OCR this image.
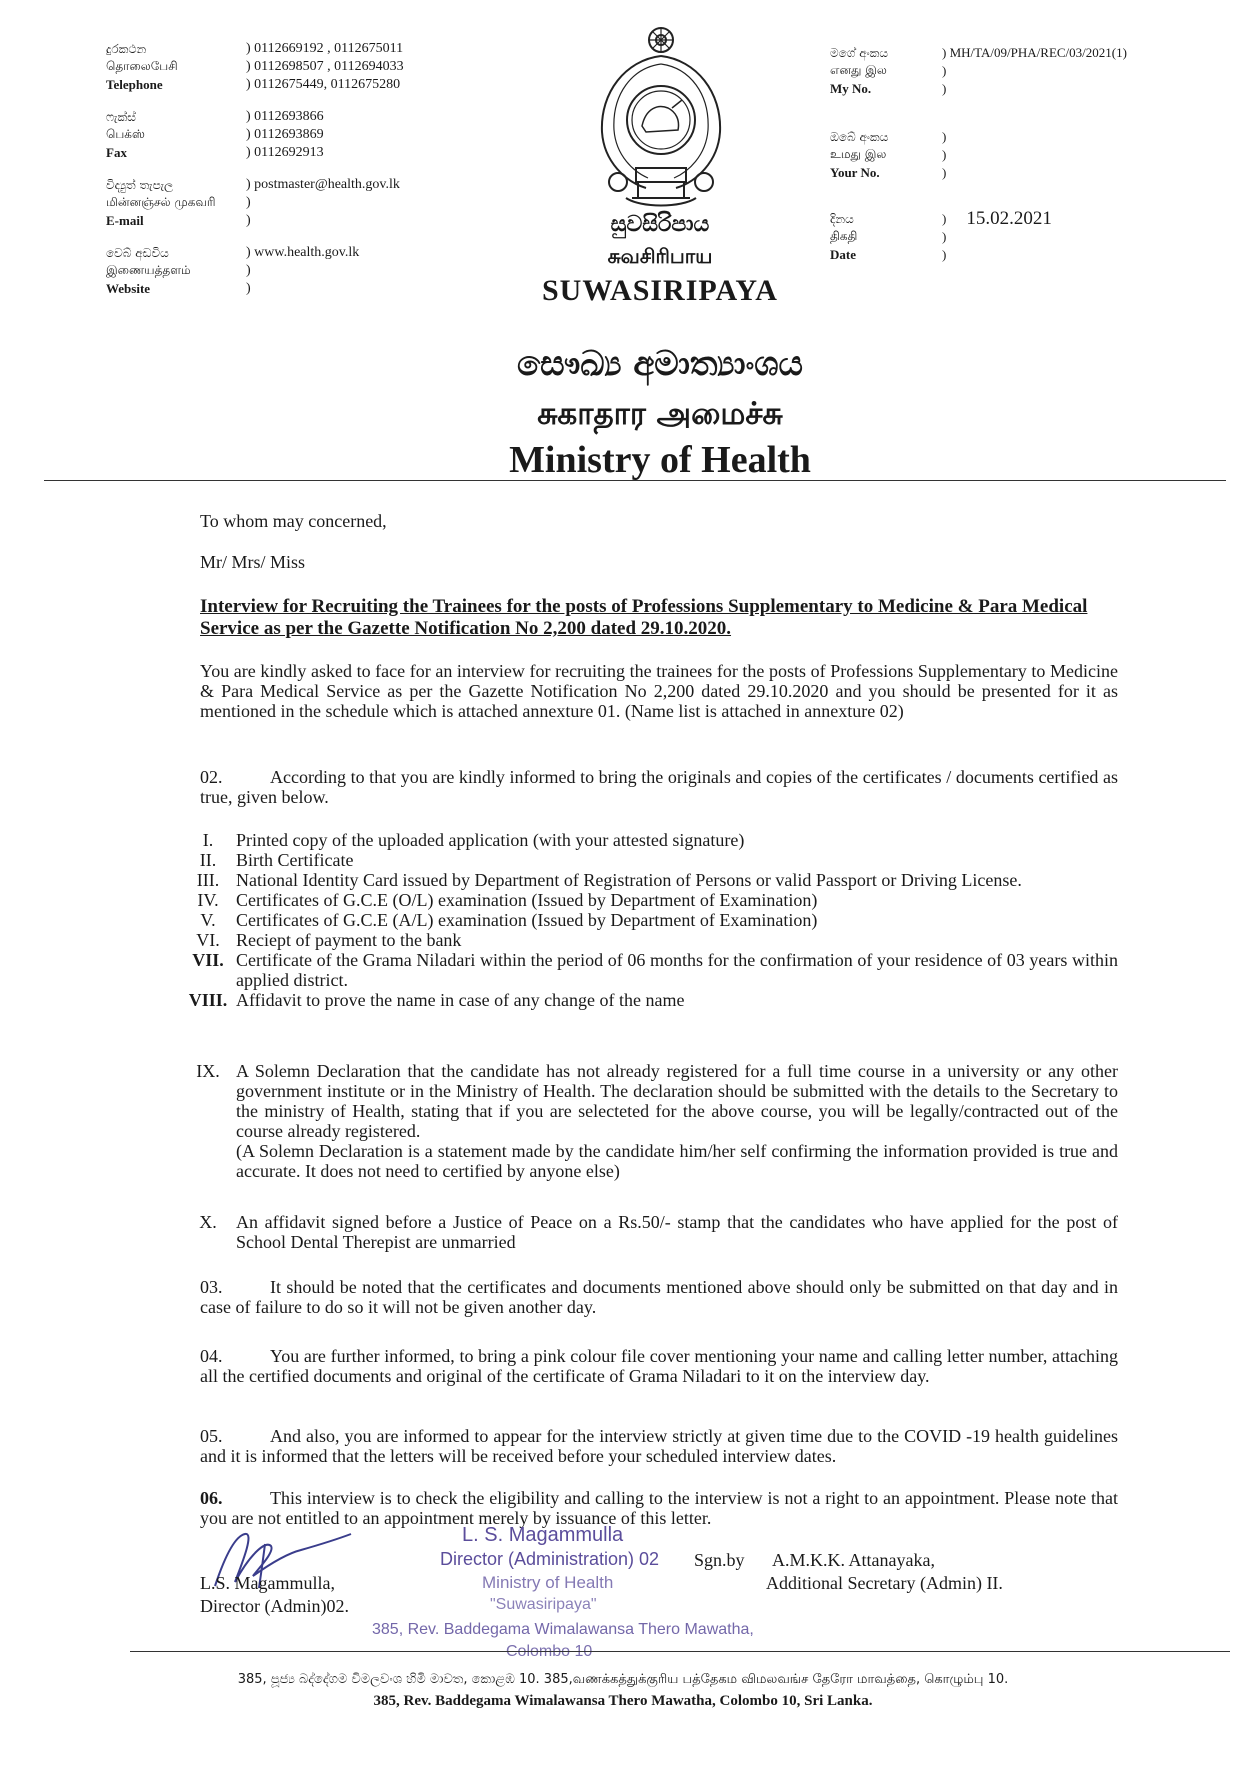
දුරකථන	) 0112669192 , 0112675011
தொலைபேசி	) 0112698507 , 0112694033
Telephone	) 0112675449, 0112675280
ෆැක්ස්	) 0112693866
பெக்ஸ்	) 0112693869
Fax	) 0112692913
විද්‍යුත් තැපැල	) postmaster@health.gov.lk
மின்னஞ்சல் முகவரி	)
E-mail	)
වෙබ් අඩවිය	) www.health.gov.lk
இணையத்தளம்	)
Website	)
මගේ අංකය	) MH/TA/09/PHA/REC/03/2021(1)
எனது இல	)
My No.	)
ඔබේ අංකය	)
உமது இல	)
Your No.	)
දිනය	) 15.02.2021
திகதி	)
Date	)
සුවසිරිපාය
சுவசிரிபாய
SUWASIRIPAYA
සෞඛ්‍ය අමාත්‍යාංශය
சுகாதார அமைச்சு
Ministry of Health
To whom may concerned,
Mr/ Mrs/ Miss
Interview for Recruiting the Trainees for the posts of Professions Supplementary to Medicine & Para Medical Service as per the Gazette Notification No 2,200 dated 29.10.2020.
You are kindly asked to face for an interview for recruiting the trainees for the posts of Professions Supplementary to Medicine & Para Medical Service as per the Gazette Notification No 2,200 dated 29.10.2020 and you should be presented for it as mentioned in the schedule which is attached annexture 01. (Name list is attached in annexture 02)
02.	According to that you are kindly informed to bring the originals and copies of the certificates / documents certified as true, given below.
I.	Printed copy of the uploaded application (with your attested signature)
II.	Birth Certificate
III. National Identity Card issued by Department of Registration of Persons or valid Passport or Driving License.
IV. Certificates of G.C.E (O/L) examination (Issued by Department of Examination)
V.	Certificates of G.C.E (A/L) examination (Issued by Department of Examination)
VI. Reciept of payment to the bank
VII. Certificate of the Grama Niladari within the period of 06 months for the confirmation of your residence of 03 years within applied district.
VIII. Affidavit to prove the name in case of any change of the name
IX. A Solemn Declaration that the candidate has not already registered for a full time course in a university or any other government institute or in the Ministry of Health. The declaration should be submitted with the details to the Secretary to the ministry of Health, stating that if you are selecteted for the above course, you will be legally/contracted out of the course already registered.
(A Solemn Declaration is a statement made by the candidate him/her self confirming the information provided is true and accurate. It does not need to certified by anyone else)
X.	An affidavit signed before a Justice of Peace on a Rs.50/- stamp that the candidates who have applied for the post of School Dental Therepist are unmarried
03.	It should be noted that the certificates and documents mentioned above should only be submitted on that day and in case of failure to do so it will not be given another day.
04.	You are further informed, to bring a pink colour file cover mentioning your name and calling letter number, attaching all the certified documents and original of the certificate of Grama Niladari to it on the interview day.
05.	And also, you are informed to appear for the interview strictly at given time due to the COVID -19 health guidelines and it is informed that the letters will be received before your scheduled interview dates.
06.	This interview is to check the eligibility and calling to the interview is not a right to an appointment. Please note that you are not entitled to an appointment merely by issuance of this letter.
L.S. Magammulla,
Director (Admin)02.
L. S. Magammulla
Director (Administration) 02
Ministry of Health
"Suwasiripaya"
385, Rev. Baddegama Wimalawansa Thero Mawatha,
Colombo 10
Sgn.by A.M.K.K. Attanayaka,
Additional Secretary (Admin) II.
385, පූජ්‍ය බද්දේගම විමලවංශ හිමි මාවත, කොළඹ 10. 385,வணக்கத்துக்குரிய பத்தேகம விமலவங்ச தேரோ மாவத்தை, கொழும்பு 10.
385, Rev. Baddegama Wimalawansa Thero Mawatha, Colombo 10, Sri Lanka.
